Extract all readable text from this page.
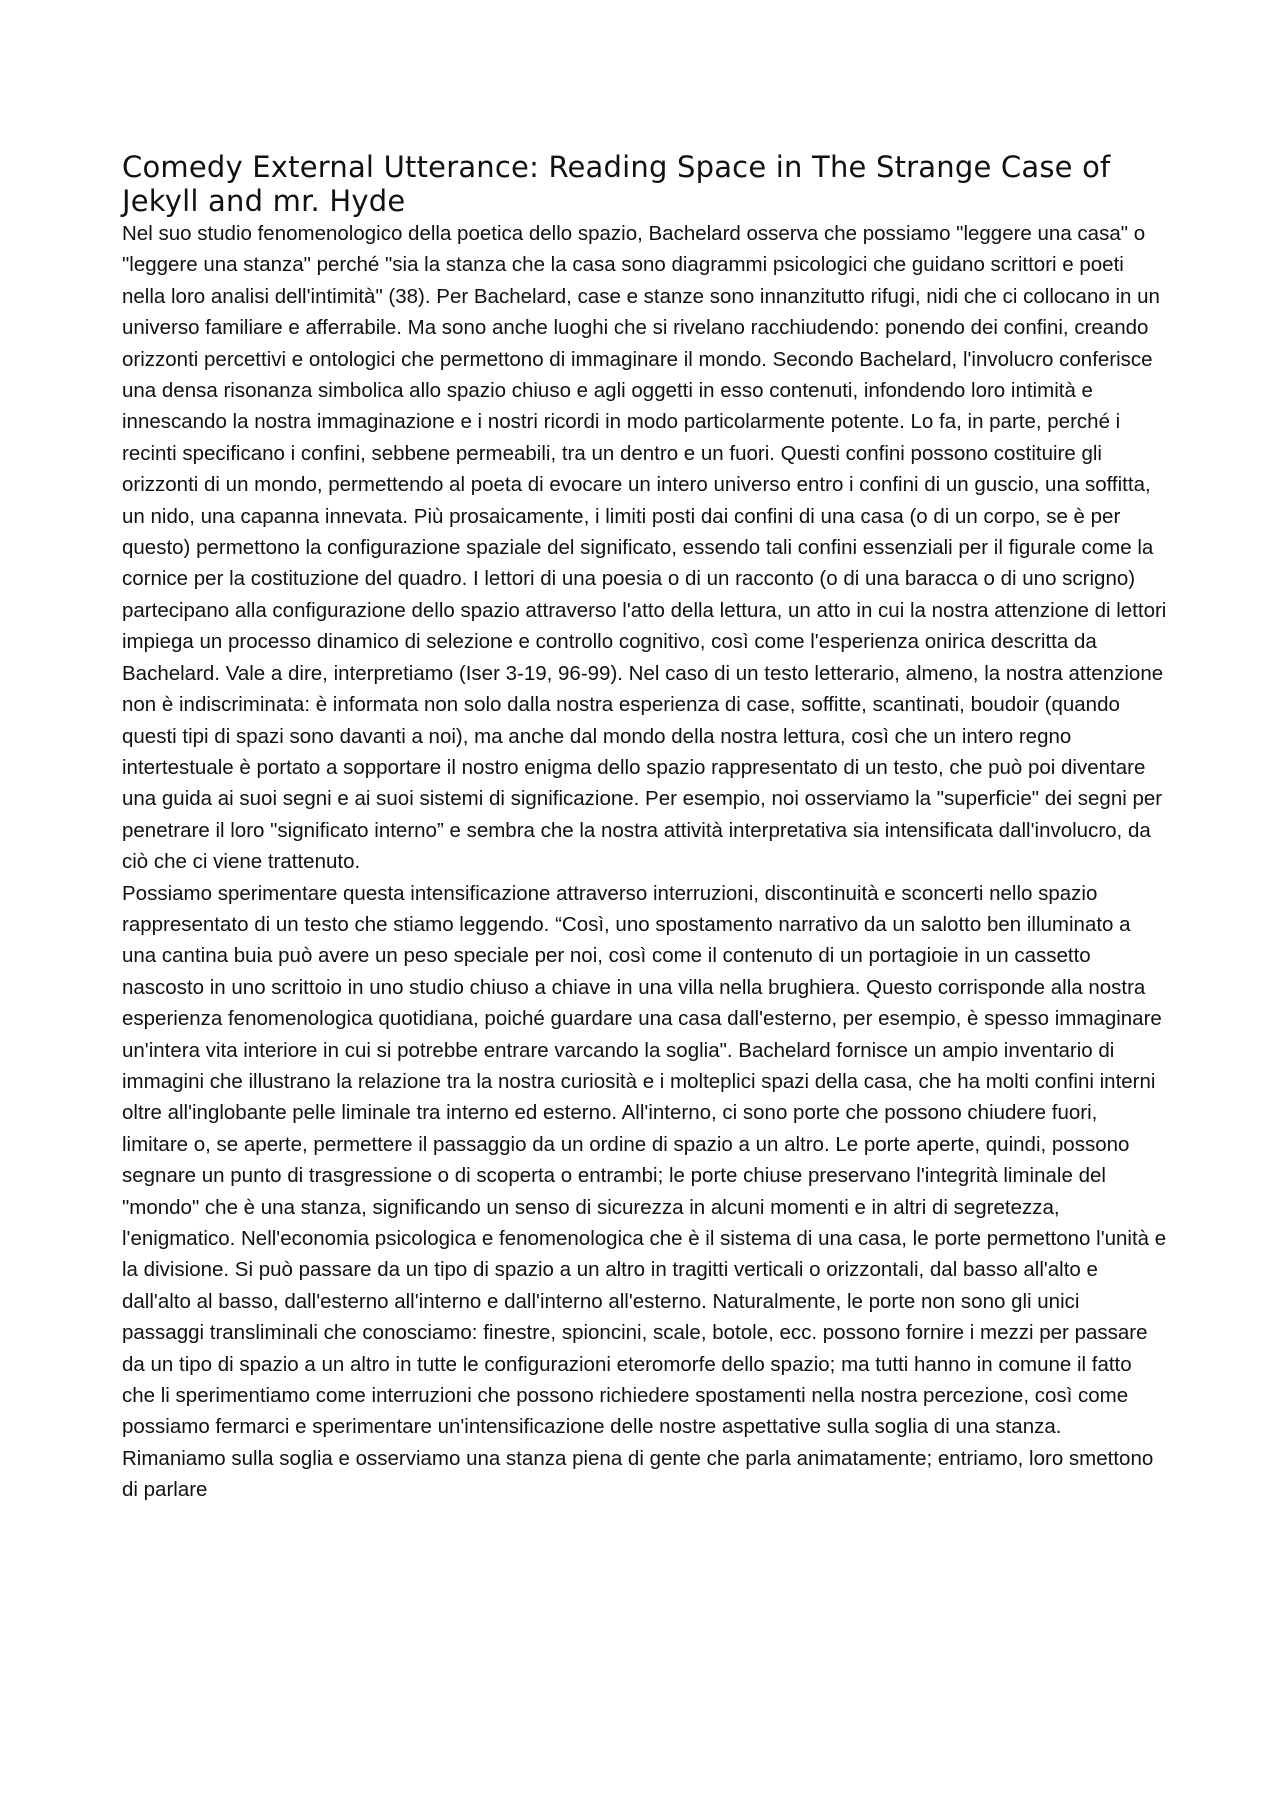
Comedy External Utterance: Reading Space in The Strange Case of Jekyll and mr. Hyde

Nel suo studio fenomenologico della poetica dello spazio, Bachelard osserva che possiamo "leggere una casa" o "leggere una stanza" perché "sia la stanza che la casa sono diagrammi psicologici che guidano scrittori e poeti nella loro analisi dell'intimità" (38). Per Bachelard, case e stanze sono innanzitutto rifugi, nidi che ci collocano in un universo familiare e afferrabile. Ma sono anche luoghi che si rivelano racchiudendo: ponendo dei confini, creando orizzonti percettivi e ontologici che permettono di immaginare il mondo. Secondo Bachelard, l'involucro conferisce una densa risonanza simbolica allo spazio chiuso e agli oggetti in esso contenuti, infondendo loro intimità e innescando la nostra immaginazione e i nostri ricordi in modo particolarmente potente. Lo fa, in parte, perché i recinti specificano i confini, sebbene permeabili, tra un dentro e un fuori. Questi confini possono costituire gli orizzonti di un mondo, permettendo al poeta di evocare un intero universo entro i confini di un guscio, una soffitta, un nido, una capanna innevata. Più prosaicamente, i limiti posti dai confini di una casa (o di un corpo, se è per questo) permettono la configurazione spaziale del significato, essendo tali confini essenziali per il figurale come la cornice per la costituzione del quadro. I lettori di una poesia o di un racconto (o di una baracca o di uno scrigno) partecipano alla configurazione dello spazio attraverso l'atto della lettura, un atto in cui la nostra attenzione di lettori impiega un processo dinamico di selezione e controllo cognitivo, così come l'esperienza onirica descritta da Bachelard. Vale a dire, interpretiamo (Iser 3-19, 96-99). Nel caso di un testo letterario, almeno, la nostra attenzione non è indiscriminata: è informata non solo dalla nostra esperienza di case, soffitte, scantinati, boudoir (quando questi tipi di spazi sono davanti a noi), ma anche dal mondo della nostra lettura, così che un intero regno intertestuale è portato a sopportare il nostro enigma dello spazio rappresentato di un testo, che può poi diventare una guida ai suoi segni e ai suoi sistemi di significazione. Per esempio, noi osserviamo la "superficie" dei segni per penetrare il loro "significato interno” e sembra che la nostra attività interpretativa sia intensificata dall'involucro, da ciò che ci viene trattenuto.

Possiamo sperimentare questa intensificazione attraverso interruzioni, discontinuità e sconcerti nello spazio rappresentato di un testo che stiamo leggendo. “Così, uno spostamento narrativo da un salotto ben illuminato a una cantina buia può avere un peso speciale per noi, così come il contenuto di un portagioie in un cassetto nascosto in uno scrittoio in uno studio chiuso a chiave in una villa nella brughiera. Questo corrisponde alla nostra esperienza fenomenologica quotidiana, poiché guardare una casa dall'esterno, per esempio, è spesso immaginare un'intera vita interiore in cui si potrebbe entrare varcando la soglia". Bachelard fornisce un ampio inventario di immagini che illustrano la relazione tra la nostra curiosità e i molteplici spazi della casa, che ha molti confini interni oltre all'inglobante pelle liminale tra interno ed esterno. All'interno, ci sono porte che possono chiudere fuori, limitare o, se aperte, permettere il passaggio da un ordine di spazio a un altro. Le porte aperte, quindi, possono segnare un punto di trasgressione o di scoperta o entrambi; le porte chiuse preservano l'integrità liminale del "mondo" che è una stanza, significando un senso di sicurezza in alcuni momenti e in altri di segretezza, l'enigmatico. Nell'economia psicologica e fenomenologica che è il sistema di una casa, le porte permettono l'unità e la divisione. Si può passare da un tipo di spazio a un altro in tragitti verticali o orizzontali, dal basso all'alto e dall'alto al basso, dall'esterno all'interno e dall'interno all'esterno. Naturalmente, le porte non sono gli unici passaggi transliminali che conosciamo: finestre, spioncini, scale, botole, ecc. possono fornire i mezzi per passare da un tipo di spazio a un altro in tutte le configurazioni eteromorfe dello spazio; ma tutti hanno in comune il fatto che li sperimentiamo come interruzioni che possono richiedere spostamenti nella nostra percezione, così come possiamo fermarci e sperimentare un'intensificazione delle nostre aspettative sulla soglia di una stanza. Rimaniamo sulla soglia e osserviamo una stanza piena di gente che parla animatamente; entriamo, loro smettono di parlare
